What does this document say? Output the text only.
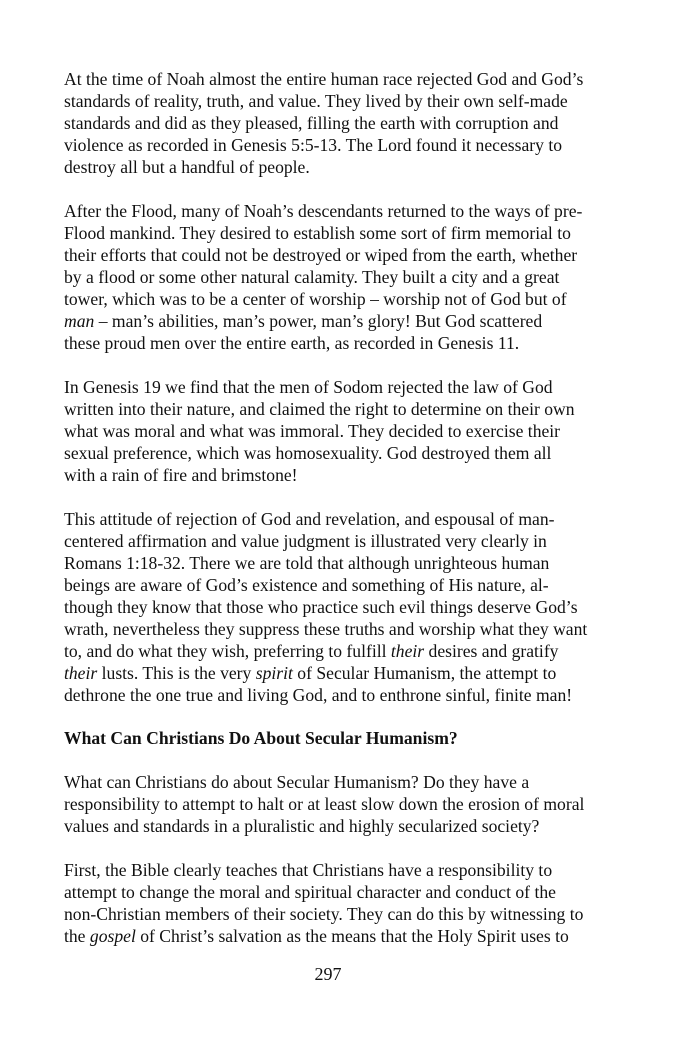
At the time of Noah almost the entire human race rejected God and God’s
standards of reality, truth, and value. They lived by their own self-made
standards and did as they pleased, filling the earth with corruption and
violence as recorded in Genesis 5:5-13. The Lord found it necessary to
destroy all but a handful of people.

After the Flood, many of Noah’s descendants returned to the ways of pre-
Flood mankind. They desired to establish some sort of firm memorial to
their efforts that could not be destroyed or wiped from the earth, whether
by a flood or some other natural calamity. They built a city and a great
tower, which was to be a center of worship – worship not of God but of
man – man’s abilities, man’s power, man’s glory! But God scattered
these proud men over the entire earth, as recorded in Genesis 11.

In Genesis 19 we find that the men of Sodom rejected the law of God
written into their nature, and claimed the right to determine on their own
what was moral and what was immoral. They decided to exercise their
sexual preference, which was homosexuality. God destroyed them all
with a rain of fire and brimstone!

This attitude of rejection of God and revelation, and espousal of man-
centered affirmation and value judgment is illustrated very clearly in
Romans 1:18-32. There we are told that although unrighteous human
beings are aware of God’s existence and something of His nature, al-
though they know that those who practice such evil things deserve God’s
wrath, nevertheless they suppress these truths and worship what they want
to, and do what they wish, preferring to fulfill their desires and gratify
their lusts. This is the very spirit of Secular Humanism, the attempt to
dethrone the one true and living God, and to enthrone sinful, finite man!

What Can Christians Do About Secular Humanism?

What can Christians do about Secular Humanism? Do they have a
responsibility to attempt to halt or at least slow down the erosion of moral
values and standards in a pluralistic and highly secularized society?

First, the Bible clearly teaches that Christians have a responsibility to
attempt to change the moral and spiritual character and conduct of the
non-Christian members of their society. They can do this by witnessing to
the gospel of Christ’s salvation as the means that the Holy Spirit uses to

297
